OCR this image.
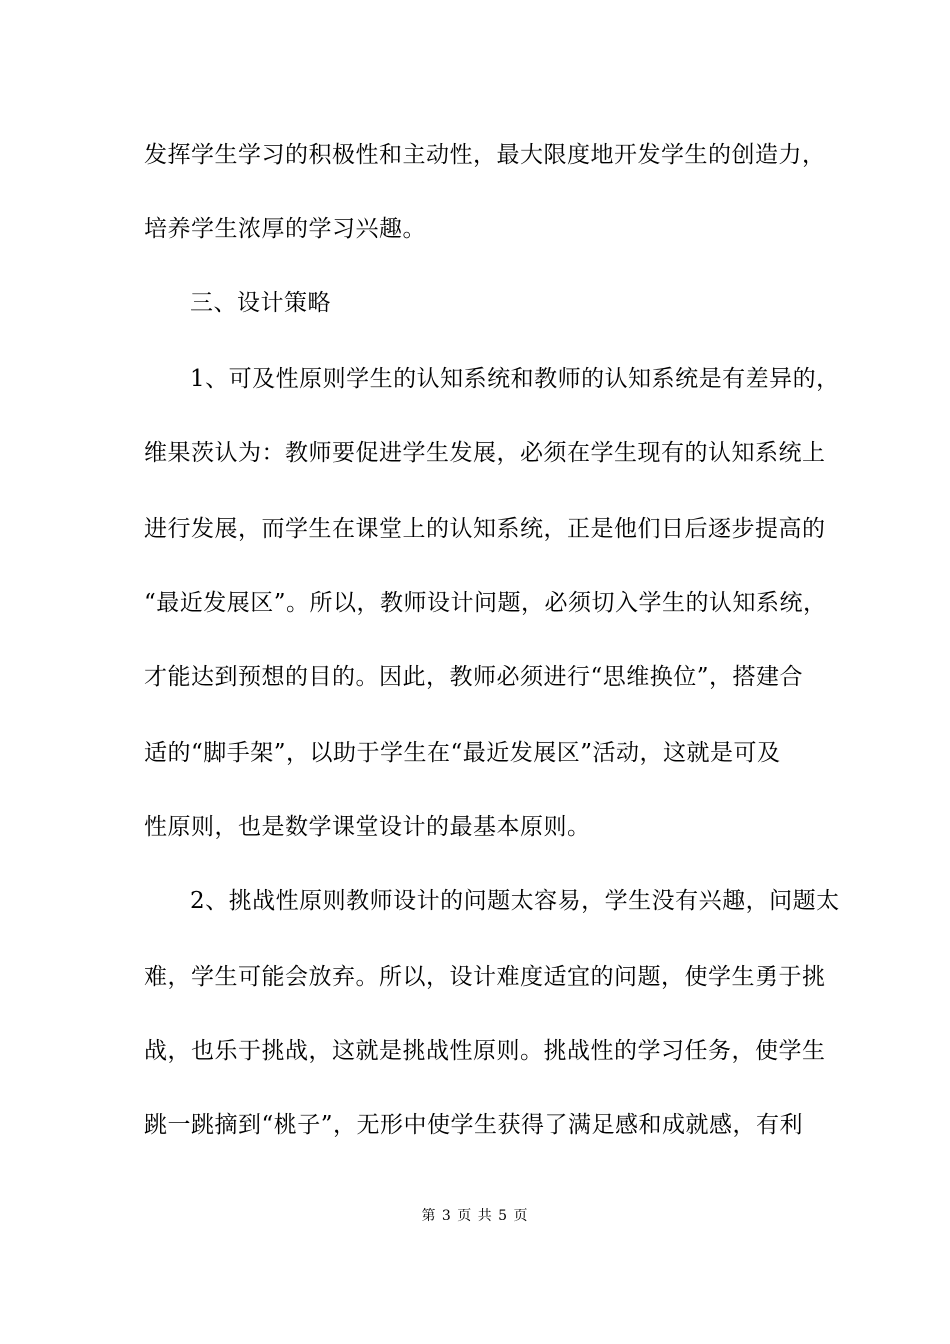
发挥学生学习的积极性和主动性，最大限度地开发学生的创造力，
培养学生浓厚的学习兴趣。
三、设计策略
1、可及性原则学生的认知系统和教师的认知系统是有差异的，
维果茨认为：教师要促进学生发展，必须在学生现有的认知系统上
进行发展，而学生在课堂上的认知系统，正是他们日后逐步提高的
“最近发展区”。所以，教师设计问题，必须切入学生的认知系统，
才能达到预想的目的。因此，教师必须进行“思维换位”，搭建合
适的“脚手架”，以助于学生在“最近发展区”活动，这就是可及
性原则，也是数学课堂设计的最基本原则。
2、挑战性原则教师设计的问题太容易，学生没有兴趣，问题太
难，学生可能会放弃。所以，设计难度适宜的问题，使学生勇于挑
战，也乐于挑战，这就是挑战性原则。挑战性的学习任务，使学生
跳一跳摘到“桃子”，无形中使学生获得了满足感和成就感，有利
第 3 页 共 5 页
